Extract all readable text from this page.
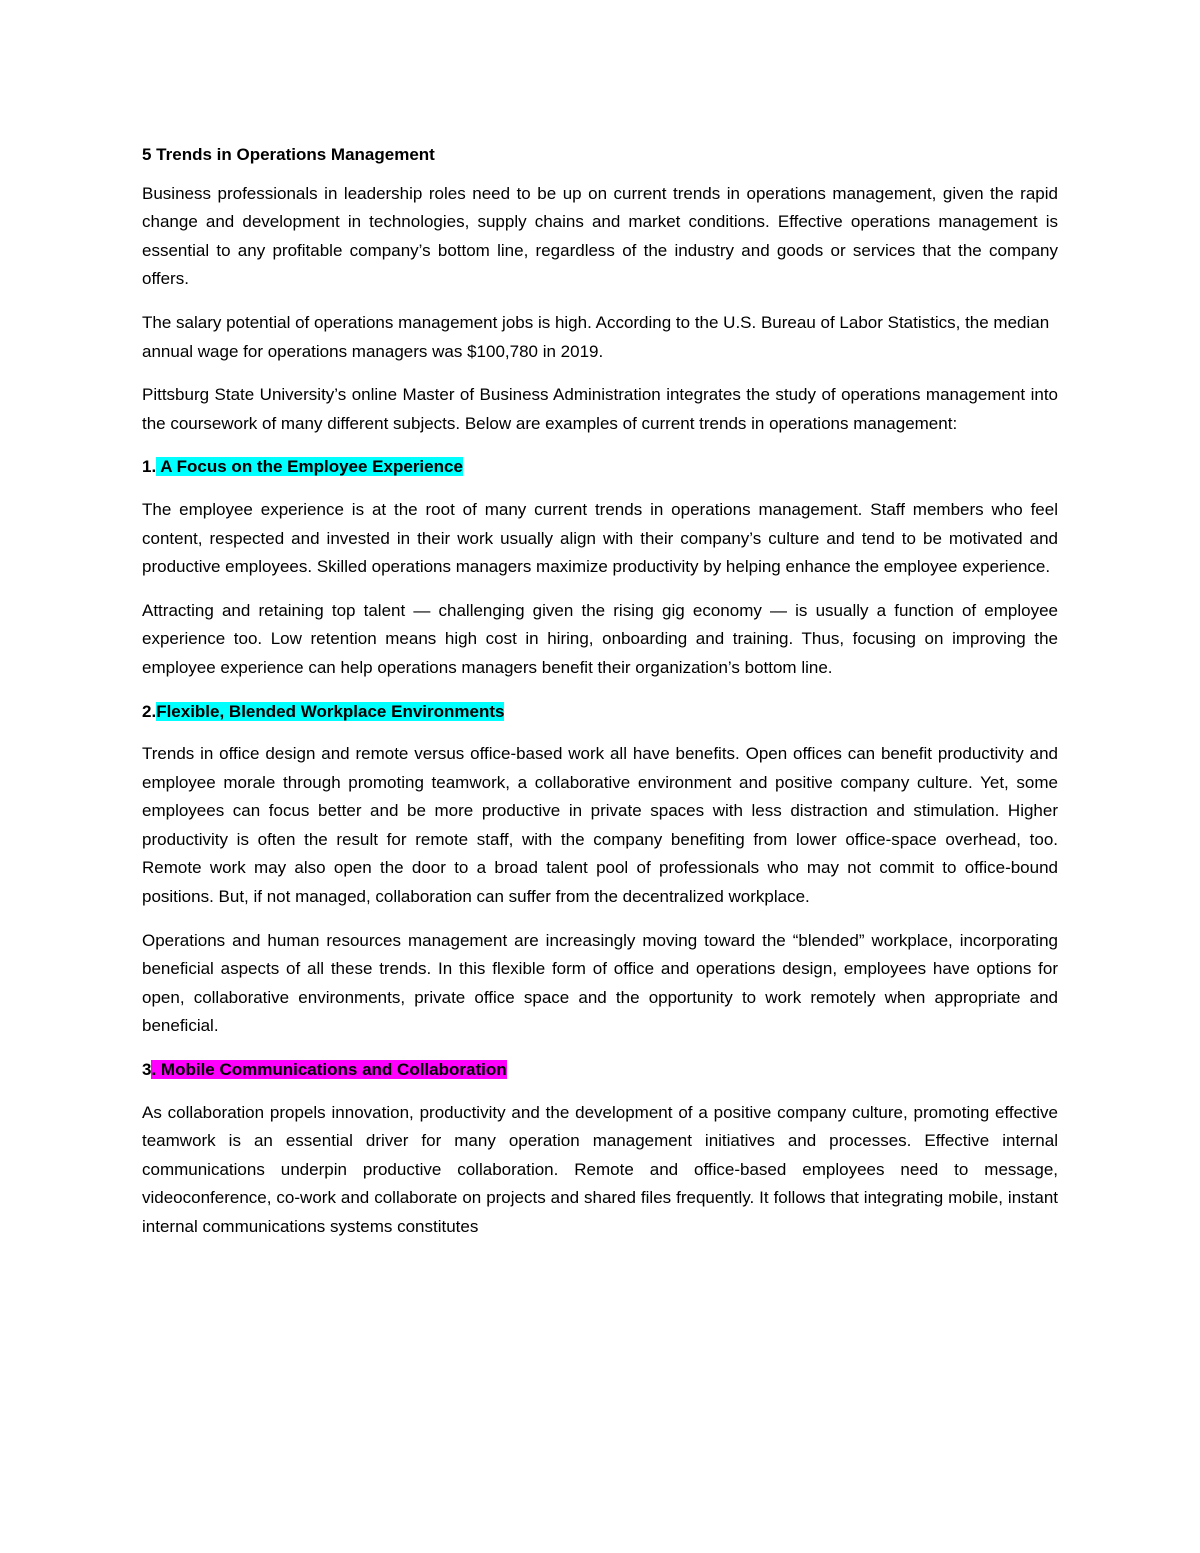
5 Trends in Operations Management

Business professionals in leadership roles need to be up on current trends in operations management, given the rapid change and development in technologies, supply chains and market conditions. Effective operations management is essential to any profitable company’s bottom line, regardless of the industry and goods or services that the company offers.

The salary potential of operations management jobs is high. According to the U.S. Bureau of Labor Statistics, the median annual wage for operations managers was $100,780 in 2019.

Pittsburg State University’s online Master of Business Administration integrates the study of operations management into the coursework of many different subjects. Below are examples of current trends in operations management:

1. A Focus on the Employee Experience

The employee experience is at the root of many current trends in operations management. Staff members who feel content, respected and invested in their work usually align with their company’s culture and tend to be motivated and productive employees. Skilled operations managers maximize productivity by helping enhance the employee experience.

Attracting and retaining top talent — challenging given the rising gig economy — is usually a function of employee experience too. Low retention means high cost in hiring, onboarding and training. Thus, focusing on improving the employee experience can help operations managers benefit their organization’s bottom line.

2.Flexible, Blended Workplace Environments

Trends in office design and remote versus office-based work all have benefits. Open offices can benefit productivity and employee morale through promoting teamwork, a collaborative environment and positive company culture. Yet, some employees can focus better and be more productive in private spaces with less distraction and stimulation. Higher productivity is often the result for remote staff, with the company benefiting from lower office-space overhead, too. Remote work may also open the door to a broad talent pool of professionals who may not commit to office-bound positions. But, if not managed, collaboration can suffer from the decentralized workplace.

Operations and human resources management are increasingly moving toward the “blended” workplace, incorporating beneficial aspects of all these trends. In this flexible form of office and operations design, employees have options for open, collaborative environments, private office space and the opportunity to work remotely when appropriate and beneficial.

3. Mobile Communications and Collaboration

As collaboration propels innovation, productivity and the development of a positive company culture, promoting effective teamwork is an essential driver for many operation management initiatives and processes. Effective internal communications underpin productive collaboration. Remote and office-based employees need to message, videoconference, co-work and collaborate on projects and shared files frequently. It follows that integrating mobile, instant internal communications systems constitutes
